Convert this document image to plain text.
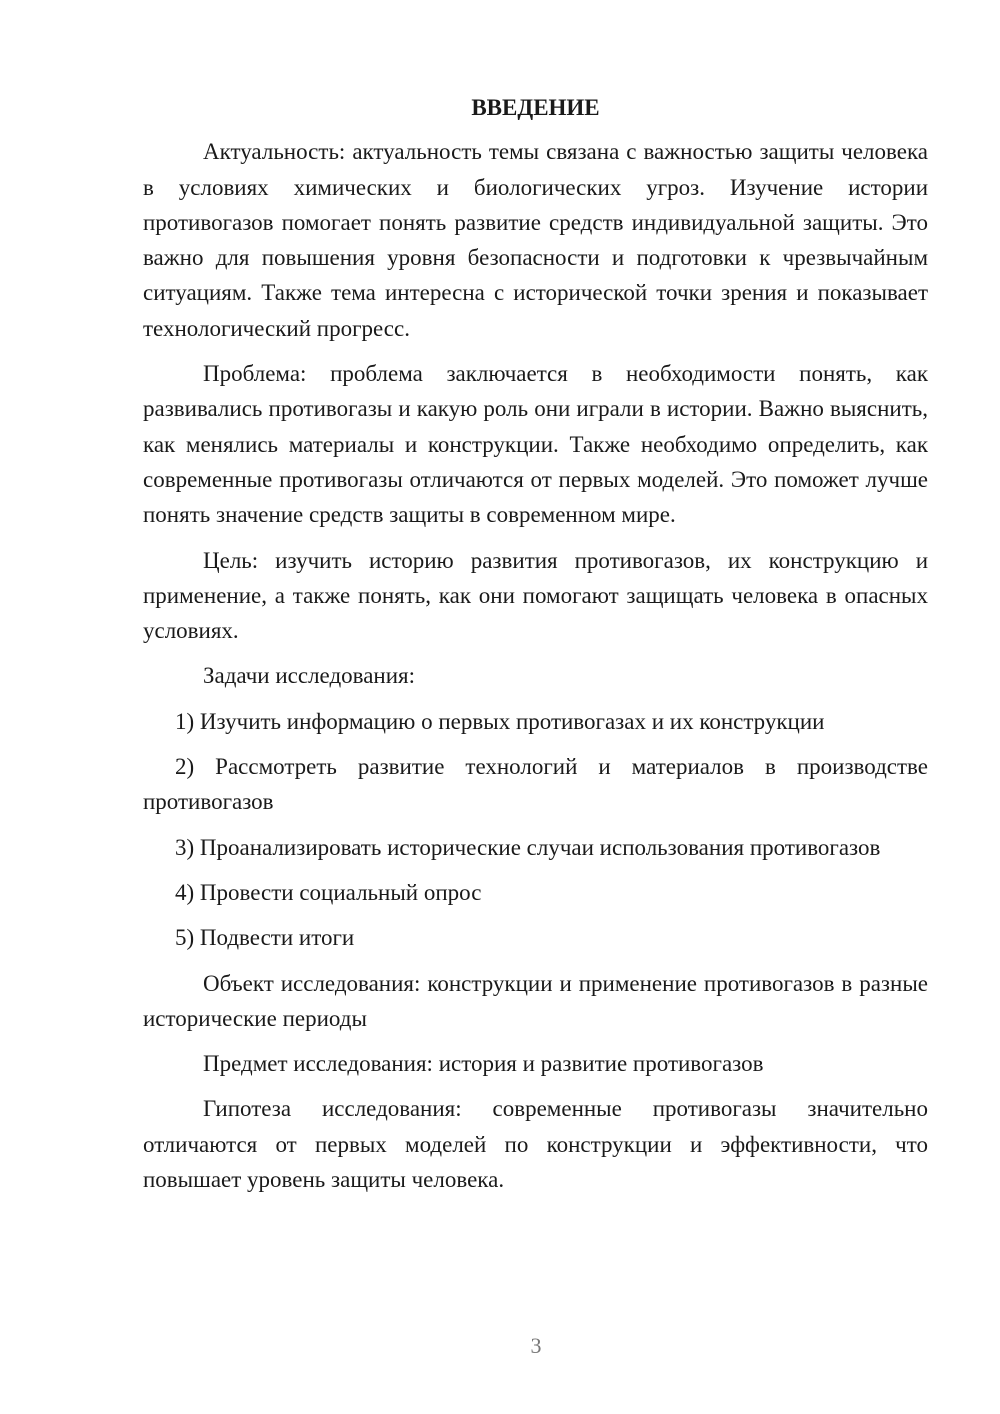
ВВЕДЕНИЕ

Актуальность: актуальность темы связана с важностью защиты человека в условиях химических и биологических угроз. Изучение истории противогазов помогает понять развитие средств индивидуальной защиты. Это важно для повышения уровня безопасности и подготовки к чрезвычайным ситуациям. Также тема интересна с исторической точки зрения и показывает технологический прогресс.

Проблема: проблема заключается в необходимости понять, как развивались противогазы и какую роль они играли в истории. Важно выяснить, как менялись материалы и конструкции. Также необходимо определить, как современные противогазы отличаются от первых моделей. Это поможет лучше понять значение средств защиты в современном мире.

Цель: изучить историю развития противогазов, их конструкцию и применение, а также понять, как они помогают защищать человека в опасных условиях.

Задачи исследования:

1) Изучить информацию о первых противогазах и их конструкции

2) Рассмотреть развитие технологий и материалов в производстве противогазов

3) Проанализировать исторические случаи использования противогазов

4) Провести социальный опрос

5) Подвести итоги

Объект исследования: конструкции и применение противогазов в разные исторические периоды

Предмет исследования: история и развитие противогазов

Гипотеза исследования: современные противогазы значительно отличаются от первых моделей по конструкции и эффективности, что повышает уровень защиты человека.

3
